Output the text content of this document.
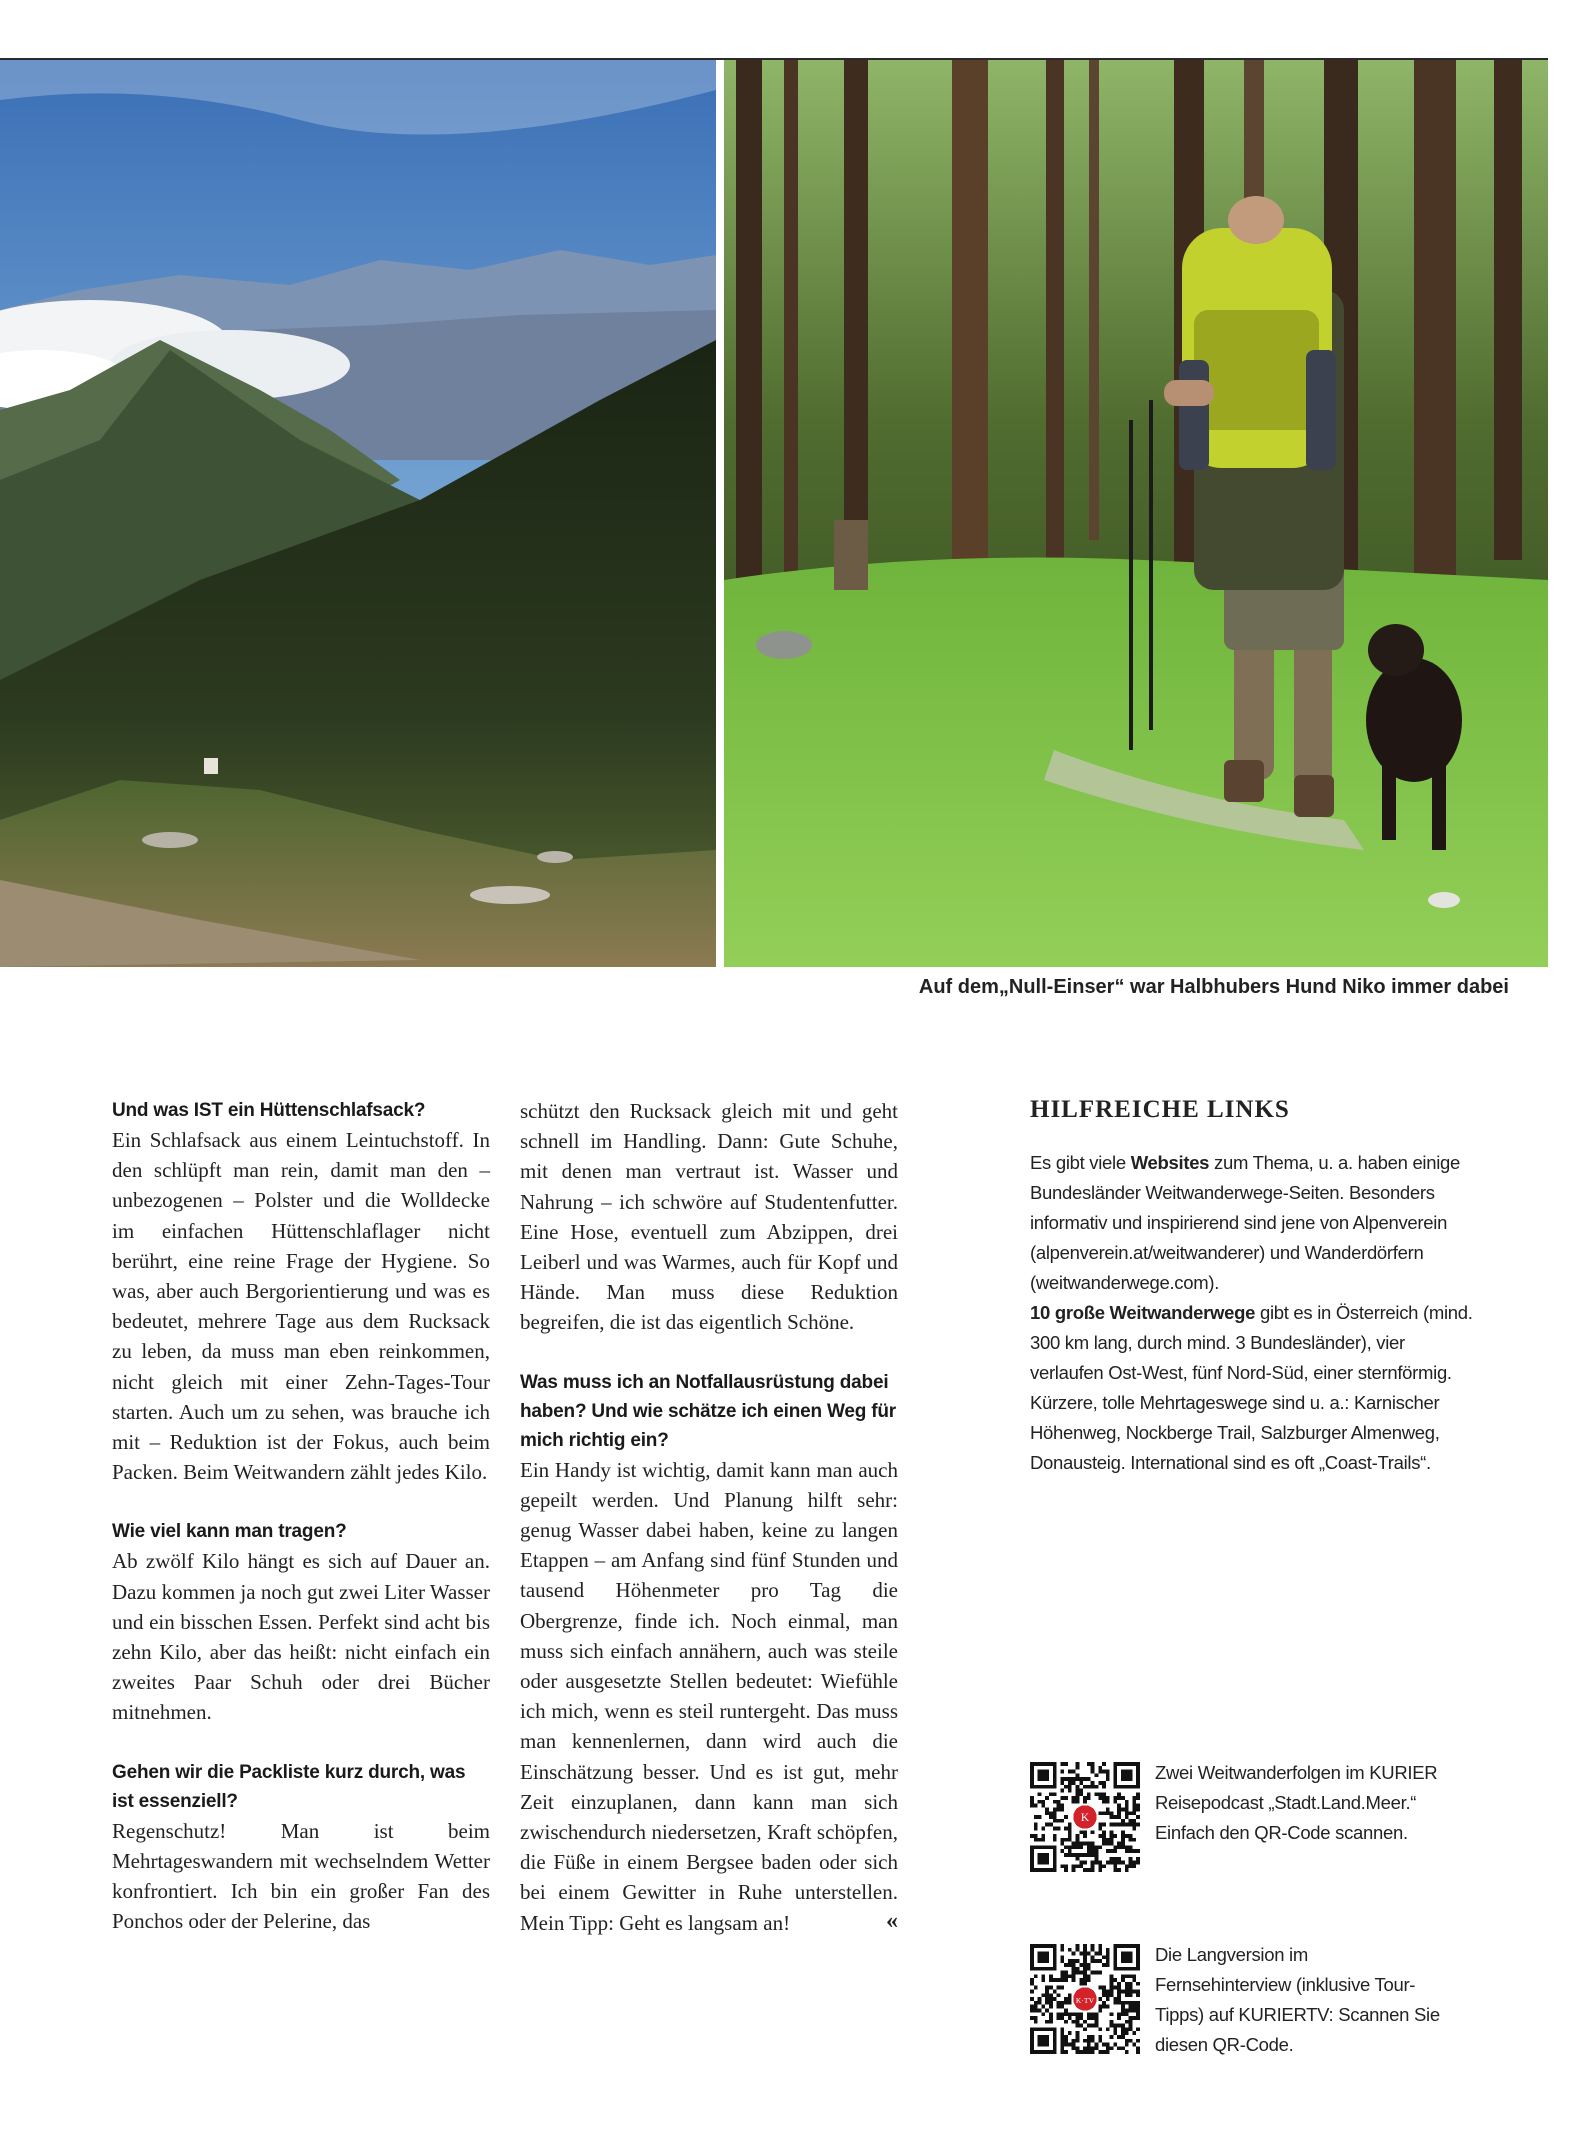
Auf dem„Null-Einser“ war Halbhubers Hund Niko immer dabei
Und was IST ein Hüttenschlafsack?
Ein Schlafsack aus einem Leintuchstoff. In den schlüpft man rein, damit man den – unbezogenen – Polster und die Wolldecke im einfachen Hüttenschlaflager nicht berührt, eine reine Frage der Hygiene. So was, aber auch Bergorientierung und was es bedeutet, mehrere Tage aus dem Rucksack zu leben, da muss man eben reinkommen, nicht gleich mit einer Zehn-Tages-Tour starten. Auch um zu sehen, was brauche ich mit – Reduktion ist der Fokus, auch beim Packen. Beim Weitwandern zählt jedes Kilo.
Wie viel kann man tragen?
Ab zwölf Kilo hängt es sich auf Dauer an. Dazu kommen ja noch gut zwei Liter Wasser und ein bisschen Essen. Perfekt sind acht bis zehn Kilo, aber das heißt: nicht einfach ein zweites Paar Schuh oder drei Bücher mitnehmen.
Gehen wir die Packliste kurz durch, was ist essenziell?
Regenschutz! Man ist beim Mehrtageswandern mit wechselndem Wetter konfrontiert. Ich bin ein großer Fan des Ponchos oder der Pelerine, das
schützt den Rucksack gleich mit und geht schnell im Handling. Dann: Gute Schuhe, mit denen man vertraut ist. Wasser und Nahrung – ich schwöre auf Studentenfutter. Eine Hose, eventuell zum Abzippen, drei Leiberl und was Warmes, auch für Kopf und Hände. Man muss diese Reduktion begreifen, die ist das eigentlich Schöne.
Was muss ich an Notfallausrüstung dabei haben? Und wie schätze ich einen Weg für mich richtig ein?
Ein Handy ist wichtig, damit kann man auch gepeilt werden. Und Planung hilft sehr: genug Wasser dabei haben, keine zu langen Etappen – am Anfang sind fünf Stunden und tausend Höhenmeter pro Tag die Obergrenze, finde ich. Noch einmal, man muss sich einfach annähern, auch was steile oder ausgesetzte Stellen bedeutet: Wiefühle ich mich, wenn es steil runtergeht. Das muss man kennenlernen, dann wird auch die Einschätzung besser. Und es ist gut, mehr Zeit einzuplanen, dann kann man sich zwischendurch niedersetzen, Kraft schöpfen, die Füße in einem Bergsee baden oder sich bei einem Gewitter in Ruhe unterstellen. Mein Tipp: Geht es langsam an!	«
HILFREICHE LINKS

Es gibt viele Websites zum Thema, u. a. haben einige Bundesländer Weitwanderwege-Seiten. Besonders informativ und inspirierend sind jene von Alpenverein (alpenverein.at/weitwanderer) und Wanderdörfern (weitwanderwege.com).

10 große Weitwanderwege gibt es in Österreich (mind. 300 km lang, durch mind. 3 Bundesländer), vier verlaufen Ost-West, fünf Nord-Süd, einer sternförmig. Kürzere, tolle Mehrtageswege sind u. a.: Karnischer Höhenweg, Nockberge Trail, Salzburger Almenweg, Donausteig. International sind es oft „Coast-Trails“.

K
Zwei Weitwanderfolgen im KURIER Reisepodcast „Stadt.Land.Meer.“ Einfach den QR-Code scannen.
K·TV
Die Langversion im Fernsehinterview (inklusive Tour-Tipps) auf KURIERTV: Scannen Sie diesen QR-Code.
